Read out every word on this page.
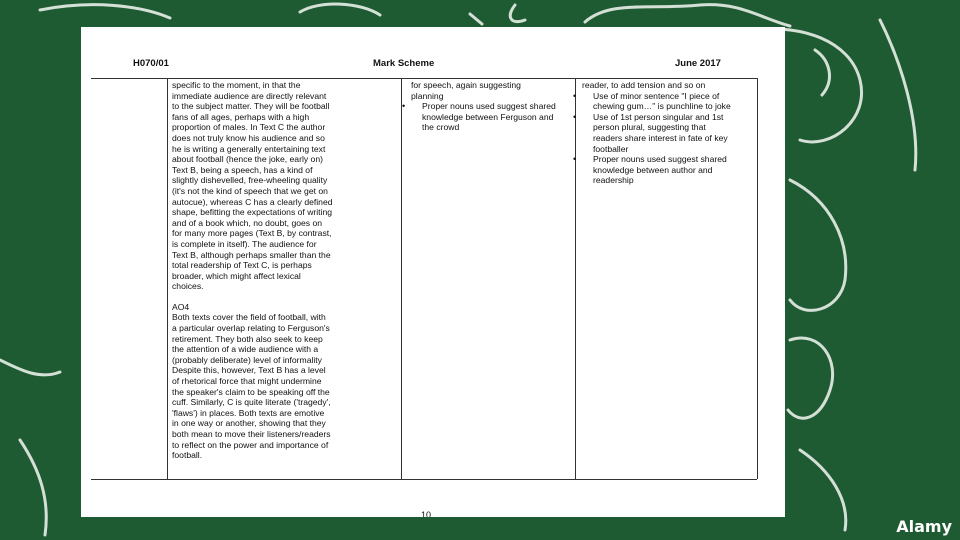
H070/01	Mark Scheme	June 2017
specific to the moment, in that the
immediate audience are directly relevant
to the subject matter. They will be football
fans of all ages, perhaps with a high
proportion of males. In Text C the author
does not truly know his audience and so
he is writing a generally entertaining text
about football (hence the joke, early on)
Text B, being a speech, has a kind of
slightly dishevelled, free-wheeling quality
(it's not the kind of speech that we get on
autocue), whereas C has a clearly defined
shape, befitting the expectations of writing
and of a book which, no doubt, goes on
for many more pages (Text B, by contrast,
is complete in itself). The audience for
Text B, although perhaps smaller than the
total readership of Text C, is perhaps
broader, which might affect lexical
choices.
AO4
Both texts cover the field of football, with
a particular overlap relating to Ferguson's
retirement. They both also seek to keep
the attention of a wide audience with a
(probably deliberate) level of informality
Despite this, however, Text B has a level
of rhetorical force that might undermine
the speaker's claim to be speaking off the
cuff. Similarly, C is quite literate ('tragedy',
'flaws') in places. Both texts are emotive
in one way or another, showing that they
both mean to move their listeners/readers
to reflect on the power and importance of
football.
for speech, again suggesting
planning
• Proper nouns used suggest shared
knowledge between Ferguson and
the crowd
reader, to add tension and so on
• Use of minor sentence "I piece of
chewing gum…" is punchline to joke
• Use of 1st person singular and 1st
person plural, suggesting that
readers share interest in fate of key
footballer
• Proper nouns used suggest shared
knowledge between author and
readership
10
Alamy
